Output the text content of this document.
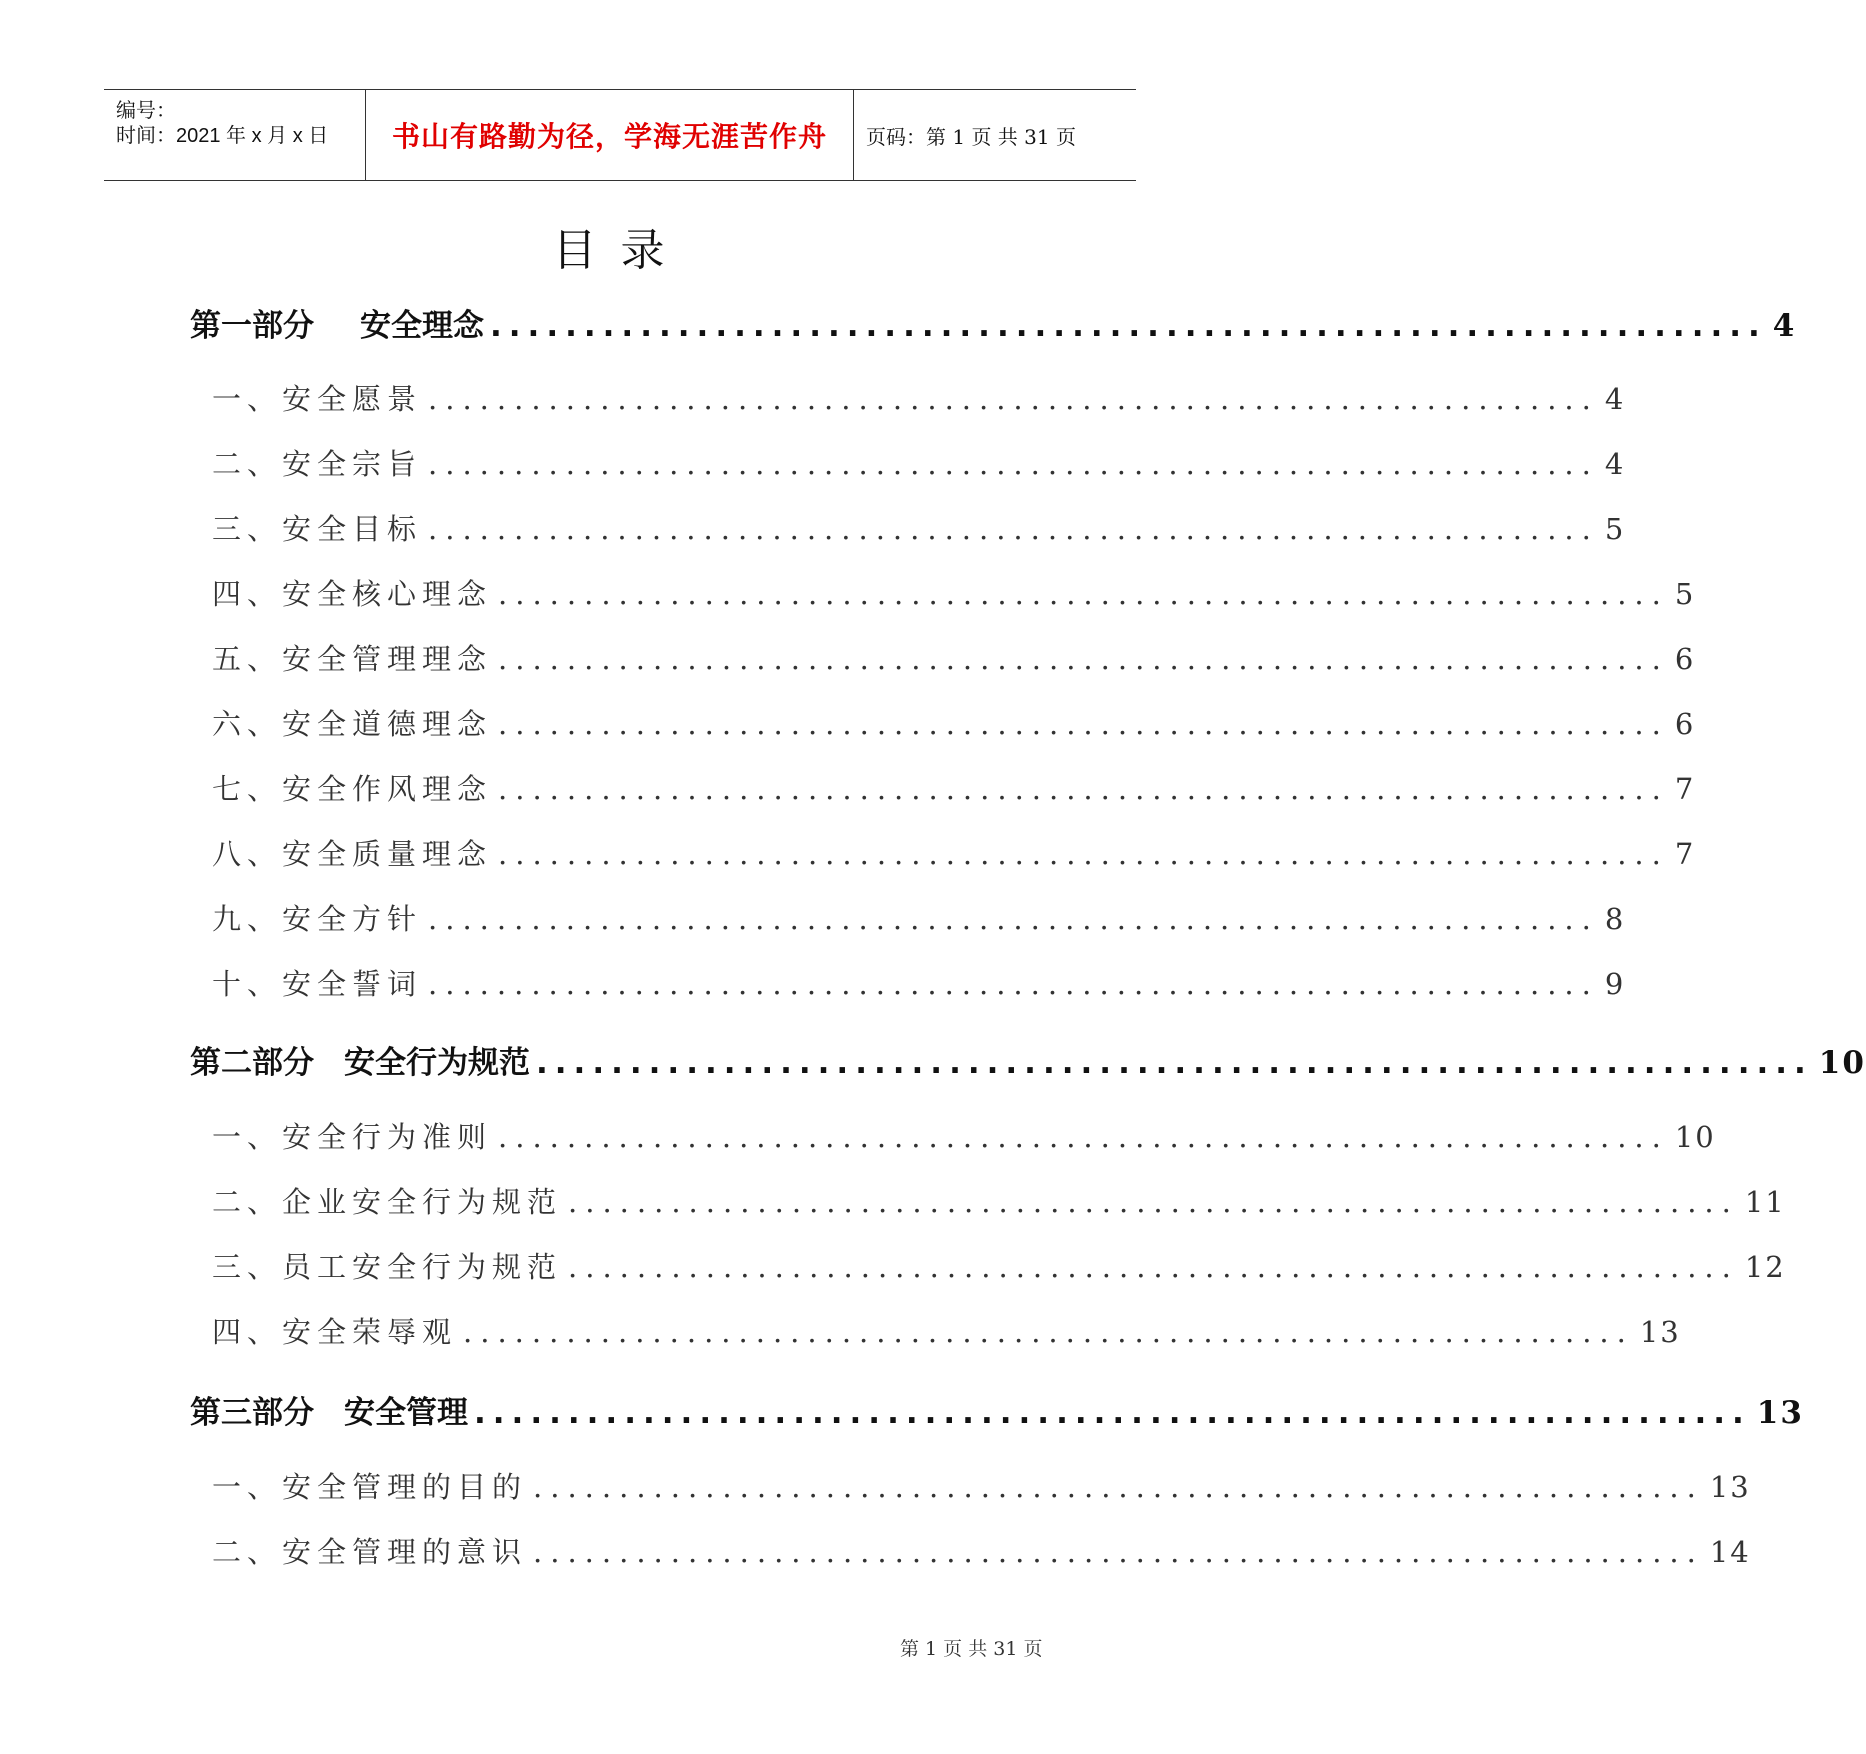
编号：
时间：2021 年 x 月 x 日 书山有路勤为径，学海无涯苦作舟 页码：第 1 页 共 31 页
目录
第一部分 安全理念 .................................................................... 4
一、安全愿景 .................................................................... 4
二、安全宗旨 .................................................................... 4
三、安全目标 .................................................................... 5
四、安全核心理念 .................................................................... 5
五、安全管理理念 .................................................................... 6
六、安全道德理念 .................................................................... 6
七、安全作风理念 .................................................................... 7
八、安全质量理念 .................................................................... 7
九、安全方针 .................................................................... 8
十、安全誓词 .................................................................... 9
第二部分 安全行为规范 .................................................................... 10
一、安全行为准则 .................................................................... 10
二、企业安全行为规范 .................................................................... 11
三、员工安全行为规范 .................................................................... 12
四、安全荣辱观 .................................................................... 13
第三部分 安全管理 .................................................................... 13
一、安全管理的目的 .................................................................... 13
二、安全管理的意识 .................................................................... 14
第 1 页 共 31 页
